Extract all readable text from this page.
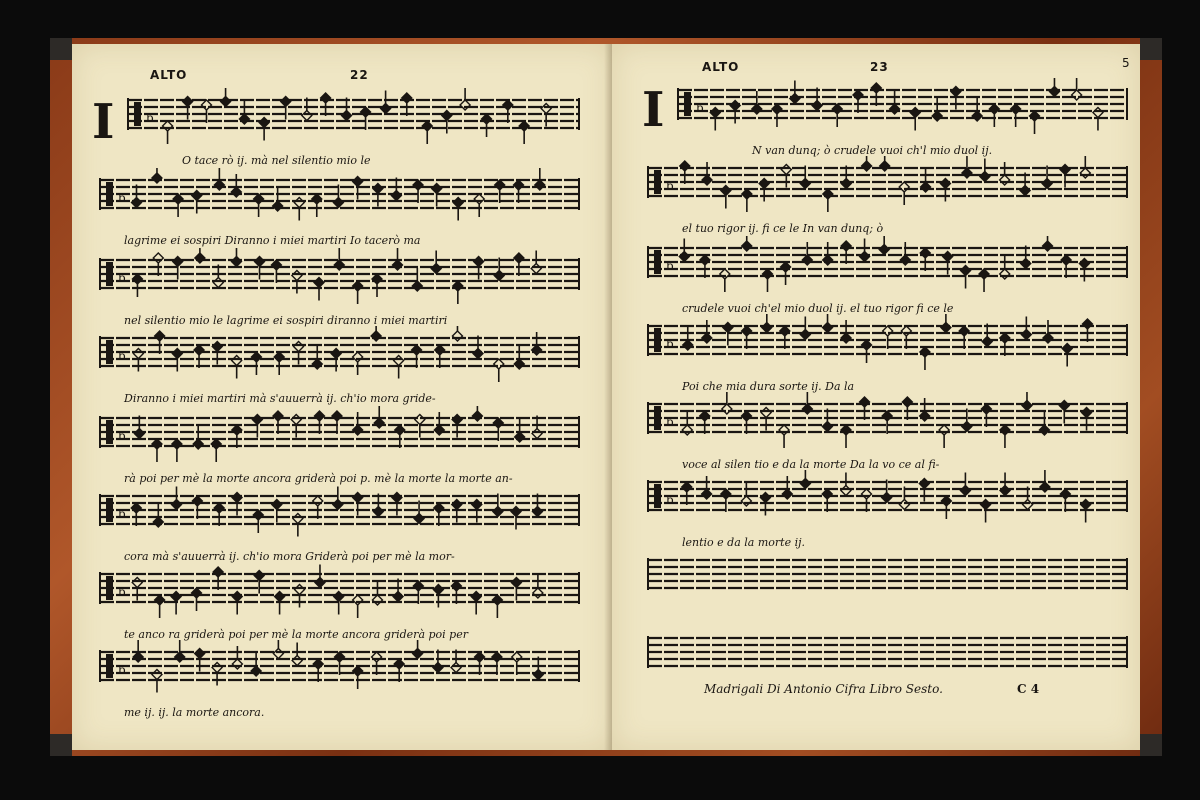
ALTO	22
I	b
O tace rò ij. mà nel silentio mio le
b
lagrime ei sospiri Diranno i miei martiri Io tacerò ma
b
nel silentio mio le lagrime ei sospiri diranno i miei martiri
b
Diranno i miei martiri mà s'auuerrà ij. ch'io mora gride-
b
rà poi per mè la morte ancora griderà poi p. mè la morte la morte an-
b
cora mà s'auuerrà ij. ch'io mora Griderà poi per mè la mor-
b
te anco ra griderà poi per mè la morte ancora griderà poi per
b
me ij. ij. la morte ancora.
ALTO	23	5
I
Madrigali Di Antonio Cifra Libro Sesto.	C 4
b
N van dunq; ò crudele vuoi ch'l mio duol ij.
b
el tuo rigor ij. fi ce le In van dunq; ò
b
crudele vuoi ch'el mio duol ij. el tuo rigor fi ce le
b
Poi che mia dura sorte ij. Da la
b
voce al silen tio e da la morte Da la vo ce al fi-
b
lentio e da la morte ij.
